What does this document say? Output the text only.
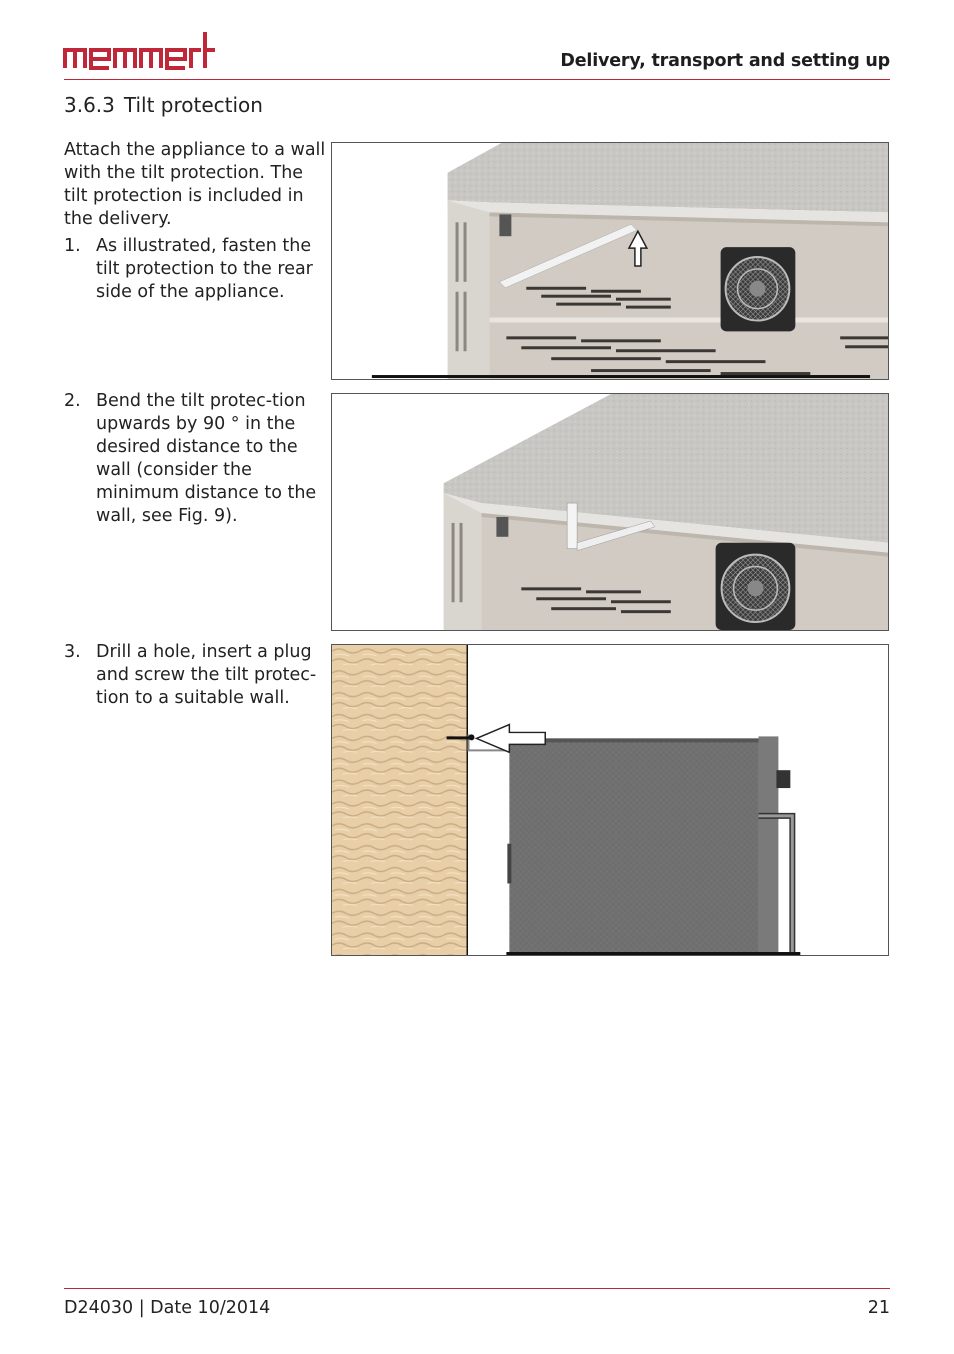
Delivery, transport and setting up
3.6.3 Tilt protection
Attach the appliance to a wall with the tilt protection. The tilt protection is included in the delivery.
1. As illustrated, fasten the tilt protection to the rear side of the appliance.
2. Bend the tilt protec-tion upwards by 90 ° in the desired distance to the wall (consider the minimum distance to the wall, see Fig. 9).
3. Drill a hole, insert a plug and screw the tilt protec-tion to a suitable wall.
D24030 | Date 10/2014	21
